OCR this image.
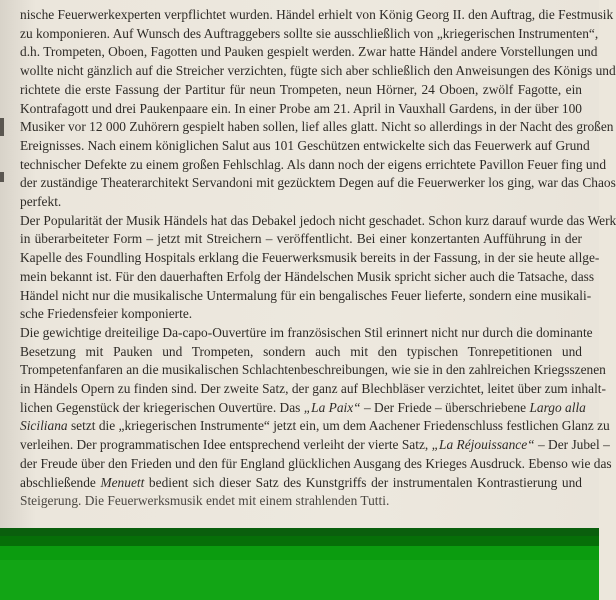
nische Feuerwerkexperten verpflichtet wurden. Händel erhielt von König Georg II. den Auftrag, die Festmusik
zu komponieren. Auf Wunsch des Auftraggebers sollte sie ausschließlich von „kriegerischen Instrumenten“,
d.h. Trompeten, Oboen, Fagotten und Pauken gespielt werden. Zwar hatte Händel andere Vorstellungen und
wollte nicht gänzlich auf die Streicher verzichten, fügte sich aber schließlich den Anweisungen des Königs und
richtete die erste Fassung der Partitur für neun Trompeten, neun Hörner, 24 Oboen, zwölf Fagotte, ein
Kontrafagott und drei Paukenpaare ein. In einer Probe am 21. April in Vauxhall Gardens, in der über 100
Musiker vor 12 000 Zuhörern gespielt haben sollen, lief alles glatt. Nicht so allerdings in der Nacht des großen
Ereignisses. Nach einem königlichen Salut aus 101 Geschützen entwickelte sich das Feuerwerk auf Grund
technischer Defekte zu einem großen Fehlschlag. Als dann noch der eigens errichtete Pavillon Feuer fing und
der zuständige Theaterarchitekt Servandoni mit gezücktem Degen auf die Feuerwerker los ging, war das Chaos
perfekt.
Der Popularität der Musik Händels hat das Debakel jedoch nicht geschadet. Schon kurz darauf wurde das Werk
in überarbeiteter Form – jetzt mit Streichern – veröffentlicht. Bei einer konzertanten Aufführung in der
Kapelle des Foundling Hospitals erklang die Feuerwerksmusik bereits in der Fassung, in der sie heute allge-
mein bekannt ist. Für den dauerhaften Erfolg der Händelschen Musik spricht sicher auch die Tatsache, dass
Händel nicht nur die musikalische Untermalung für ein bengalisches Feuer lieferte, sondern eine musikali-
sche Friedensfeier komponierte.
Die gewichtige dreiteilige Da-capo-Ouvertüre im französischen Stil erinnert nicht nur durch die dominante
Besetzung mit Pauken und Trompeten, sondern auch mit den typischen Tonrepetitionen und
Trompetenfanfaren an die musikalischen Schlachtenbeschreibungen, wie sie in den zahlreichen Kriegsszenen
in Händels Opern zu finden sind. Der zweite Satz, der ganz auf Blechbläser verzichtet, leitet über zum inhalt-
lichen Gegenstück der kriegerischen Ouvertüre. Das „La Paix“ – Der Friede – überschriebene Largo alla
Siciliana setzt die „kriegerischen Instrumente“ jetzt ein, um dem Aachener Friedenschluss festlichen Glanz zu
verleihen. Der programmatischen Idee entsprechend verleiht der vierte Satz, „La Réjouissance“ – Der Jubel –
der Freude über den Frieden und den für England glücklichen Ausgang des Krieges Ausdruck. Ebenso wie das
abschließende Menuett bedient sich dieser Satz des Kunstgriffs der instrumentalen Kontrastierung und
Steigerung. Die Feuerwerksmusik endet mit einem strahlenden Tutti.
